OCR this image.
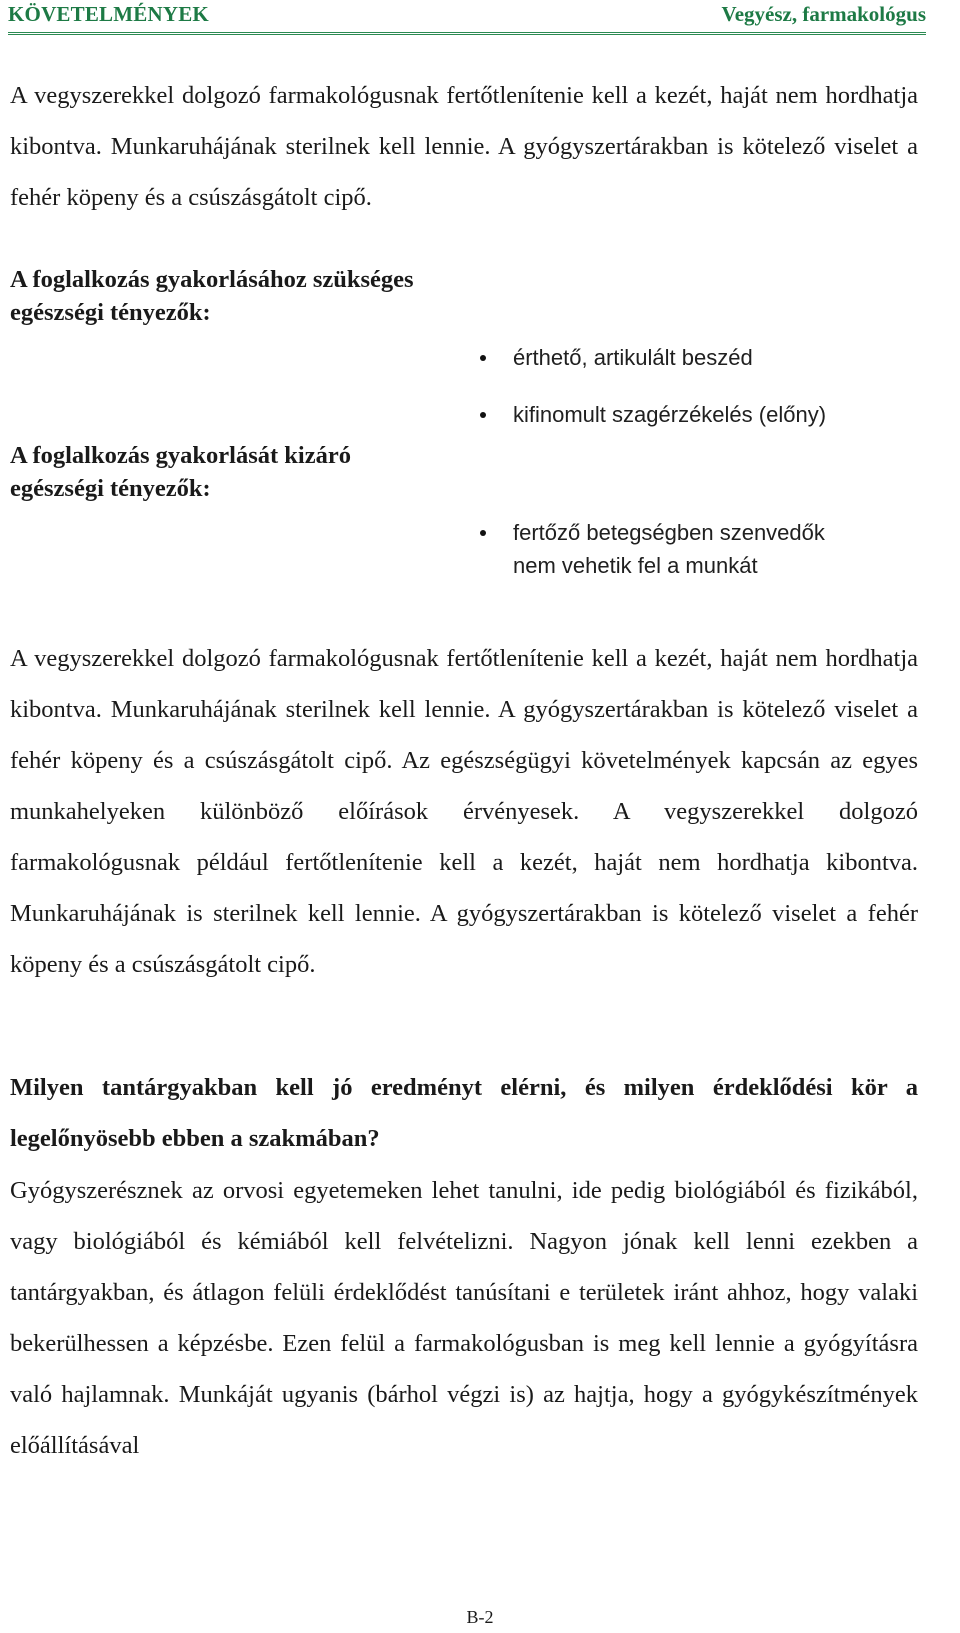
KÖVETELMÉNYEK	Vegyész, farmakológus

A vegyszerekkel dolgozó farmakológusnak fertőtlenítenie kell a kezét, haját nem hordhatja kibontva. Munkaruhájának sterilnek kell lennie. A gyógyszertárakban is kötelező viselet a fehér köpeny és a csúszásgátolt cipő.

A foglalkozás gyakorlásához szükséges egészségi tényezők:

érthető, artikulált beszéd
kifinomult szagérzékelés (előny)

A foglalkozás gyakorlását kizáró egészségi tényezők:

fertőző betegségben szenvedők nem vehetik fel a munkát

A vegyszerekkel dolgozó farmakológusnak fertőtlenítenie kell a kezét, haját nem hordhatja kibontva. Munkaruhájának sterilnek kell lennie. A gyógyszertárakban is kötelező viselet a fehér köpeny és a csúszásgátolt cipő. Az egészségügyi követelmények kapcsán az egyes munkahelyeken különböző előírások érvényesek. A vegyszerekkel dolgozó farmakológusnak például fertőtlenítenie kell a kezét, haját nem hordhatja kibontva. Munkaruhájának is sterilnek kell lennie. A gyógyszertárakban is kötelező viselet a fehér köpeny és a csúszásgátolt cipő.

Milyen tantárgyakban kell jó eredményt elérni, és milyen érdeklődési kör a legelőnyösebb ebben a szakmában?

Gyógyszerésznek az orvosi egyetemeken lehet tanulni, ide pedig biológiából és fizikából, vagy biológiából és kémiából kell felvételizni. Nagyon jónak kell lenni ezekben a tantárgyakban, és átlagon felüli érdeklődést tanúsítani e területek iránt ahhoz, hogy valaki bekerülhessen a képzésbe. Ezen felül a farmakológusban is meg kell lennie a gyógyításra való hajlamnak. Munkáját ugyanis (bárhol végzi is) az hajtja, hogy a gyógykészítmények előállításával

B-2
